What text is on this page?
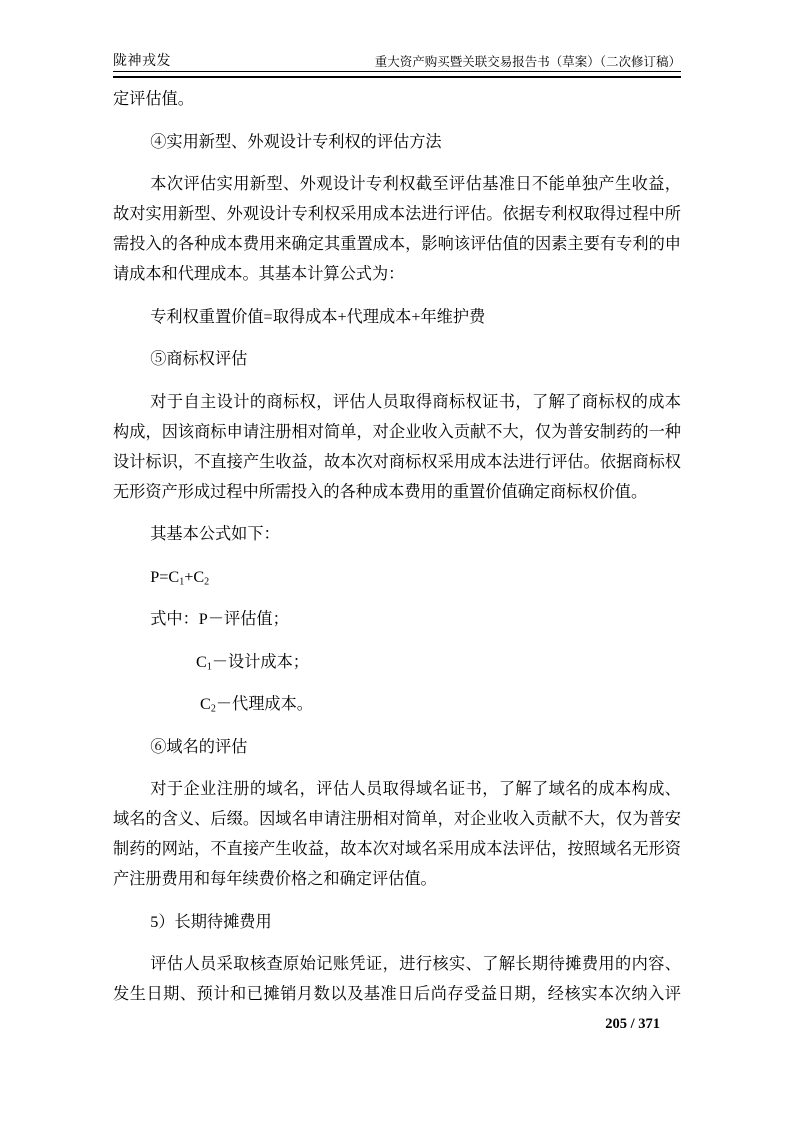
陇神戎发	重大资产购买暨关联交易报告书（草案）（二次修订稿）

定评估值。

④实用新型、外观设计专利权的评估方法

本次评估实用新型、外观设计专利权截至评估基准日不能单独产生收益，故对实用新型、外观设计专利权采用成本法进行评估。依据专利权取得过程中所需投入的各种成本费用来确定其重置成本，影响该评估值的因素主要有专利的申请成本和代理成本。其基本计算公式为：

专利权重置价值=取得成本+代理成本+年维护费

⑤商标权评估

对于自主设计的商标权，评估人员取得商标权证书，了解了商标权的成本构成，因该商标申请注册相对简单，对企业收入贡献不大，仅为普安制药的一种设计标识，不直接产生收益，故本次对商标权采用成本法进行评估。依据商标权无形资产形成过程中所需投入的各种成本费用的重置价值确定商标权价值。

其基本公式如下：

$P=C_1+C_2$

式中：P－评估值；

$C_1-$设计成本；

$C_2-$代理成本。

⑥域名的评估

对于企业注册的域名，评估人员取得域名证书，了解了域名的成本构成、域名的含义、后缀。因域名申请注册相对简单，对企业收入贡献不大，仅为普安制药的网站，不直接产生收益，故本次对域名采用成本法评估，按照域名无形资产注册费用和每年续费价格之和确定评估值。

5）长期待摊费用

评估人员采取核查原始记账凭证，进行核实、了解长期待摊费用的内容、发生日期、预计和已摊销月数以及基准日后尚存受益日期，经核实本次纳入评

205 / 371
